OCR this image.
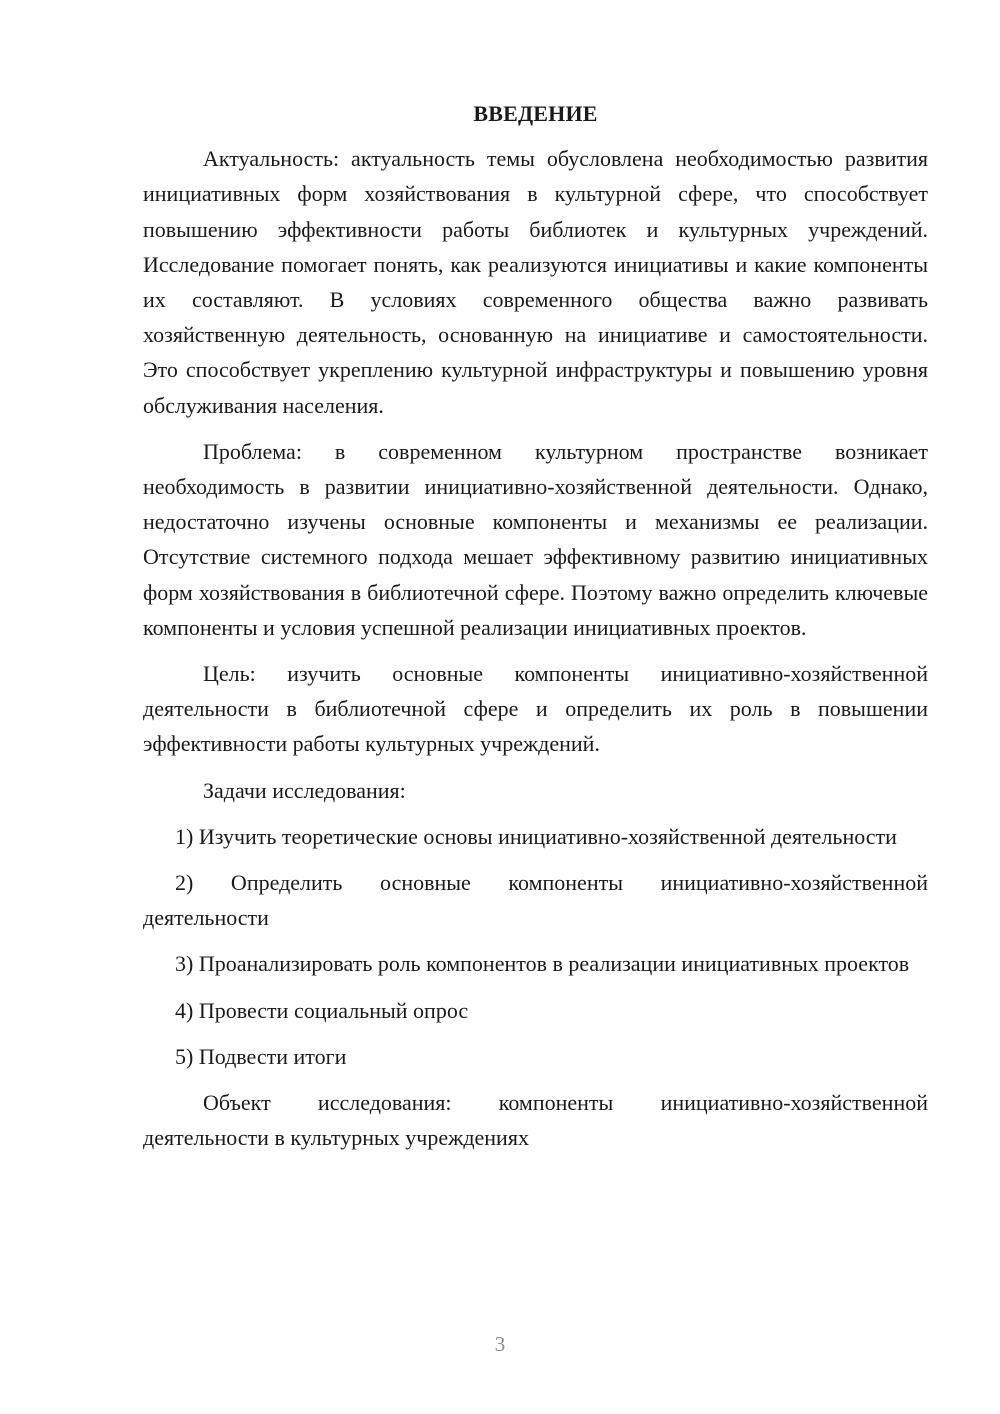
ВВЕДЕНИЕ

Актуальность: актуальность темы обусловлена необходимостью развития инициативных форм хозяйствования в культурной сфере, что способствует повышению эффективности работы библиотек и культурных учреждений. Исследование помогает понять, как реализуются инициативы и какие компоненты их составляют. В условиях современного общества важно развивать хозяйственную деятельность, основанную на инициативе и самостоятельности. Это способствует укреплению культурной инфраструктуры и повышению уровня обслуживания населения.

Проблема: в современном культурном пространстве возникает необходимость в развитии инициативно-хозяйственной деятельности. Однако, недостаточно изучены основные компоненты и механизмы ее реализации. Отсутствие системного подхода мешает эффективному развитию инициативных форм хозяйствования в библиотечной сфере. Поэтому важно определить ключевые компоненты и условия успешной реализации инициативных проектов.

Цель: изучить основные компоненты инициативно-хозяйственной деятельности в библиотечной сфере и определить их роль в повышении эффективности работы культурных учреждений.

Задачи исследования:

1) Изучить теоретические основы инициативно-хозяйственной деятельности

2) Определить основные компоненты инициативно-хозяйственной деятельности

3) Проанализировать роль компонентов в реализации инициативных проектов

4) Провести социальный опрос

5) Подвести итоги

Объект исследования: компоненты инициативно-хозяйственной деятельности в культурных учреждениях

3
